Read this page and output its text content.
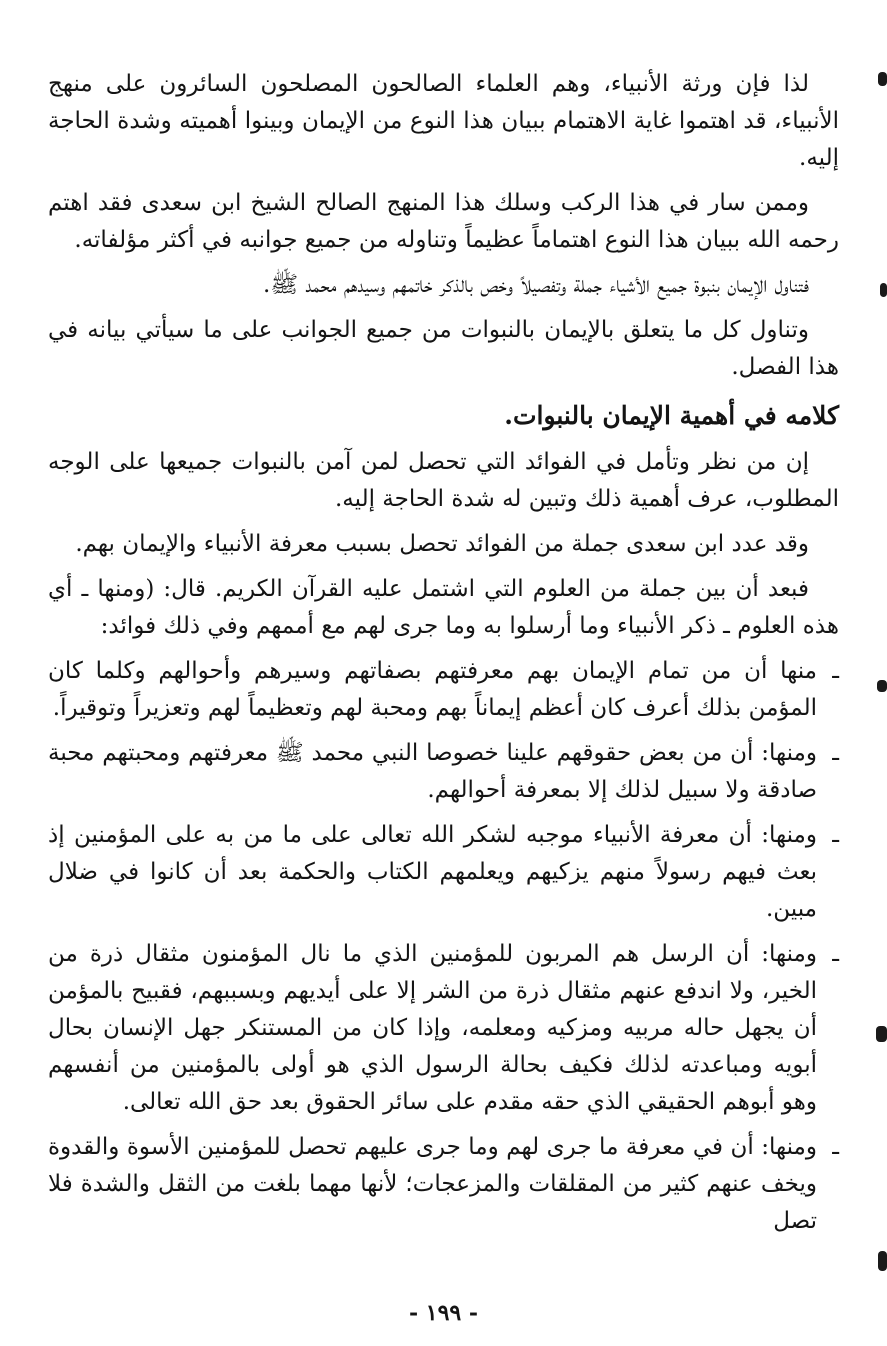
لذا فإن ورثة الأنبياء، وهم العلماء الصالحون المصلحون السائرون على منهج الأنبياء، قد اهتموا غاية الاهتمام ببيان هذا النوع من الإيمان وبينوا أهميته وشدة الحاجة إليه.

وممن سار في هذا الركب وسلك هذا المنهج الصالح الشيخ ابن سعدى فقد اهتم رحمه الله ببيان هذا النوع اهتماماً عظيماً وتناوله من جميع جوانبه في أكثر مؤلفاته.

فتناول الإيمان بنبوة جميع الأشياء جملة وتفصيلاً وخص بالذكر خاتمهم وسيدهم محمد ﷺ.

وتناول كل ما يتعلق بالإيمان بالنبوات من جميع الجوانب على ما سيأتي بيانه في هذا الفصل.

كلامه في أهمية الإيمان بالنبوات.

إن من نظر وتأمل في الفوائد التي تحصل لمن آمن بالنبوات جميعها على الوجه المطلوب، عرف أهمية ذلك وتبين له شدة الحاجة إليه.

وقد عدد ابن سعدى جملة من الفوائد تحصل بسبب معرفة الأنبياء والإيمان بهم.

فبعد أن بين جملة من العلوم التي اشتمل عليه القرآن الكريم. قال: (ومنها ـ أي هذه العلوم ـ ذكر الأنبياء وما أرسلوا به وما جرى لهم مع أممهم وفي ذلك فوائد:

ـ
منها أن من تمام الإيمان بهم معرفتهم بصفاتهم وسيرهم وأحوالهم وكلما كان المؤمن بذلك أعرف كان أعظم إيماناً بهم ومحبة لهم وتعظيماً لهم وتعزيراً وتوقيراً.
ـ
ومنها: أن من بعض حقوقهم علينا خصوصا النبي محمد ﷺ معرفتهم ومحبتهم محبة صادقة ولا سبيل لذلك إلا بمعرفة أحوالهم.
ـ
ومنها: أن معرفة الأنبياء موجبه لشكر الله تعالى على ما من به على المؤمنين إذ بعث فيهم رسولاً منهم يزكيهم ويعلمهم الكتاب والحكمة بعد أن كانوا في ضلال مبين.
ـ
ومنها: أن الرسل هم المربون للمؤمنين الذي ما نال المؤمنون مثقال ذرة من الخير، ولا اندفع عنهم مثقال ذرة من الشر إلا على أيديهم وبسببهم، فقبيح بالمؤمن أن يجهل حاله مربيه ومزكيه ومعلمه، وإذا كان من المستنكر جهل الإنسان بحال أبويه ومباعدته لذلك فكيف بحالة الرسول الذي هو أولى بالمؤمنين من أنفسهم وهو أبوهم الحقيقي الذي حقه مقدم على سائر الحقوق بعد حق الله تعالى.
ـ
ومنها: أن في معرفة ما جرى لهم وما جرى عليهم تحصل للمؤمنين الأسوة والقدوة ويخف عنهم كثير من المقلقات والمزعجات؛ لأنها مهما بلغت من الثقل والشدة فلا تصل
- ١٩٩ -
